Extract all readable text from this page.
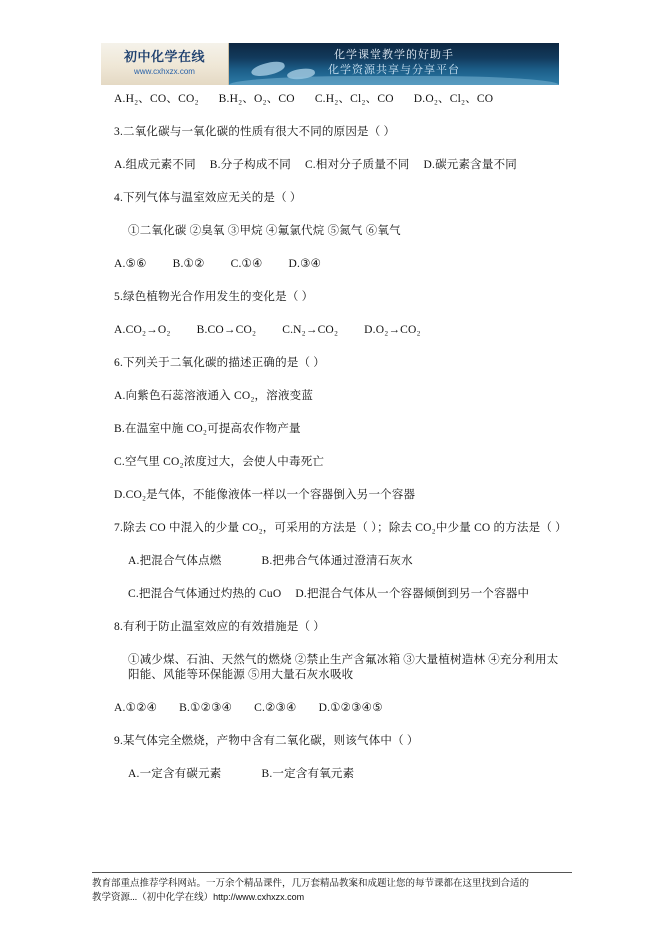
初中化学在线
www.cxhxzx.com
化学课堂教学的好助手
化学资源共享与分享平台
A.H₂、CO、CO₂ B.H₂、O₂、CO C.H₂、Cl₂、CO D.O₂、Cl₂、CO
3.二氧化碳与一氧化碳的性质有很大不同的原因是（ ）
A.组成元素不同 B.分子构成不同 C.相对分子质量不同 D.碳元素含量不同
4.下列气体与温室效应无关的是（ ）
①二氧化碳 ②臭氧 ③甲烷 ④氟氯代烷 ⑤氮气 ⑥氧气
A.⑤⑥ B.①② C.①④ D.③④
5.绿色植物光合作用发生的变化是（ ）
A.CO₂→O₂ B.CO→CO₂ C.N₂→CO₂ D.O₂→CO₂
6.下列关于二氧化碳的描述正确的是（ ）
A.向紫色石蕊溶液通入 CO₂，溶液变蓝
B.在温室中施 CO₂可提高农作物产量
C.空气里 CO₂浓度过大，会使人中毒死亡
D.CO₂是气体，不能像液体一样以一个容器倒入另一个容器
7.除去 CO 中混入的少量 CO₂，可采用的方法是（ ）；除去 CO₂中少量 CO 的方法是（ ）
A.把混合气体点燃	B.把弗合气体通过澄清石灰水
C.把混合气体通过灼热的 CuO D.把混合气体从一个容器倾倒到另一个容器中
8.有利于防止温室效应的有效措施是（ ）
①减少煤、石油、天然气的燃烧 ②禁止生产含氟冰箱 ③大量植树造林 ④充分利用太阳能、风能等环保能源 ⑤用大量石灰水吸收
A.①②④ B.①②③④ C.②③④ D.①②③④⑤
9.某气体完全燃烧，产物中含有二氧化碳，则该气体中（ ）
A.一定含有碳元素	B.一定含有氧元素

教育部重点推荐学科网站。一万余个精品课件，几万套精品教案和成题让您的每节课都在这里找到合适的

教学资源...（初中化学在线）http://www.cxhxzx.com
